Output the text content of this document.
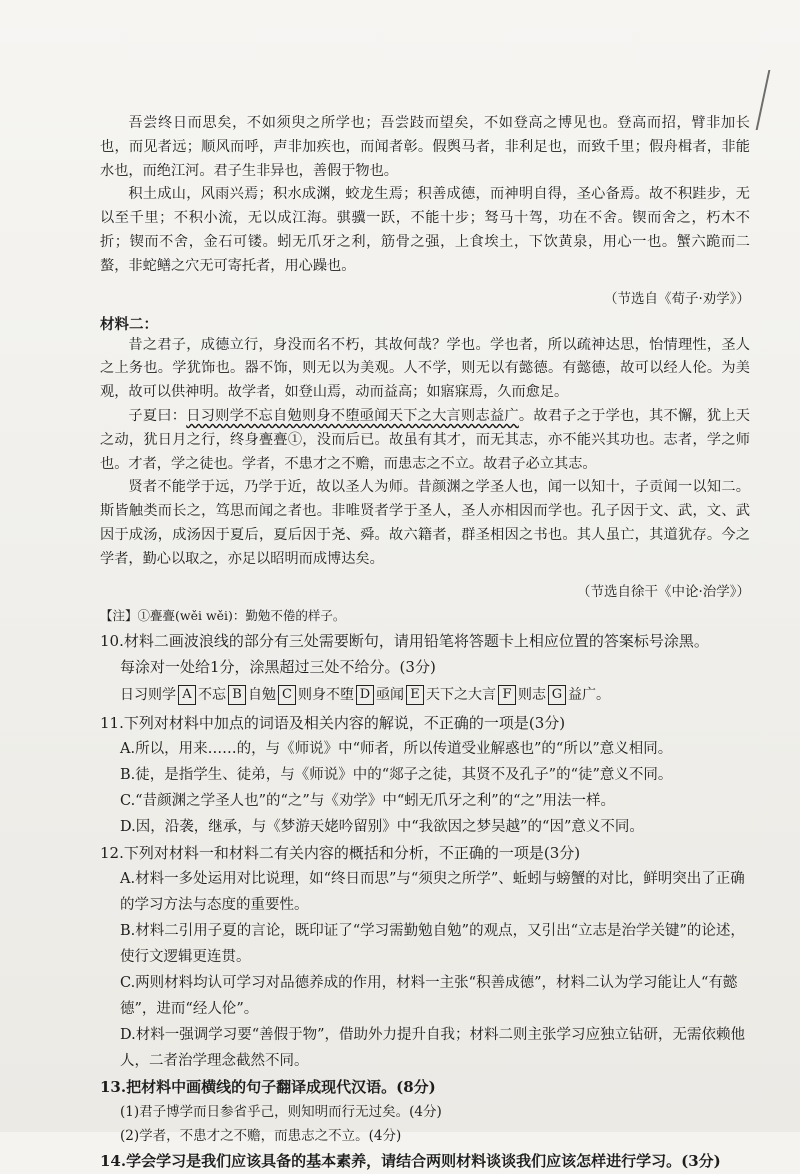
吾尝终日而思矣，不如须臾之所学也；吾尝跂而望矣，不如登高之博见也。登高而招，臂非加长也，而见者远；顺风而呼，声非加疾也，而闻者彰。假舆马者，非利足也，而致千里；假舟楫者，非能水也，而绝江河。君子生非异也，善假于物也。

积土成山，风雨兴焉；积水成渊，蛟龙生焉；积善成德，而神明自得，圣心备焉。故不积跬步，无以至千里；不积小流，无以成江海。骐骥一跃，不能十步；驽马十驾，功在不舍。锲而舍之，朽木不折；锲而不舍，金石可镂。蚓无爪牙之利，筋骨之强，上食埃土，下饮黄泉，用心一也。蟹六跪而二螯，非蛇鳝之穴无可寄托者，用心躁也。

（节选自《荀子·劝学》）

材料二：

昔之君子，成德立行，身没而名不朽，其故何哉？学也。学也者，所以疏神达思，怡情理性，圣人之上务也。学犹饰也。器不饰，则无以为美观。人不学，则无以有懿德。有懿德，故可以经人伦。为美观，故可以供神明。故学者，如登山焉，动而益高；如寤寐焉，久而愈足。

子夏曰：日习则学不忘自勉则身不堕亟闻天下之大言则志益广。故君子之于学也，其不懈，犹上天之动，犹日月之行，终身亹亹①，没而后已。故虽有其才，而无其志，亦不能兴其功也。志者，学之师也。才者，学之徒也。学者，不患才之不赡，而患志之不立。故君子必立其志。

贤者不能学于远，乃学于近，故以圣人为师。昔颜渊之学圣人也，闻一以知十，子贡闻一以知二。斯皆触类而长之，笃思而闻之者也。非唯贤者学于圣人，圣人亦相因而学也。孔子因于文、武，文、武因于成汤，成汤因于夏后，夏后因于尧、舜。故六籍者，群圣相因之书也。其人虽亡，其道犹存。今之学者，勤心以取之，亦足以昭明而成博达矣。

（节选自徐干《中论·治学》）

【注】①亹亹(wěi wěi)：勤勉不倦的样子。

10.材料二画波浪线的部分有三处需要断句，请用铅笔将答题卡上相应位置的答案标号涂黑。

每涂对一处给1分，涂黑超过三处不给分。(3分)

日习则学 A 不忘 B 自勉 C 则身不堕 D 亟闻 E 天下之大言 F 则志 G 益广。

11.下列对材料中加点的词语及相关内容的解说，不正确的一项是(3分)

A.所以，用来……的，与《师说》中“师者，所以传道受业解惑也”的“所以”意义相同。

B.徒，是指学生、徒弟，与《师说》中的“郯子之徒，其贤不及孔子”的“徒”意义不同。

C.“昔颜渊之学圣人也”的“之”与《劝学》中“蚓无爪牙之利”的“之”用法一样。

D.因，沿袭，继承，与《梦游天姥吟留别》中“我欲因之梦吴越”的“因”意义不同。

12.下列对材料一和材料二有关内容的概括和分析，不正确的一项是(3分)

A.材料一多处运用对比说理，如“终日而思”与“须臾之所学”、蚯蚓与螃蟹的对比，鲜明突出了正确的学习方法与态度的重要性。

B.材料二引用子夏的言论，既印证了“学习需勤勉自勉”的观点，又引出“立志是治学关键”的论述，使行文逻辑更连贯。

C.两则材料均认可学习对品德养成的作用，材料一主张“积善成德”，材料二认为学习能让人“有懿德”，进而“经人伦”。

D.材料一强调学习要“善假于物”，借助外力提升自我；材料二则主张学习应独立钻研，无需依赖他人，二者治学理念截然不同。

13.把材料中画横线的句子翻译成现代汉语。(8分)

(1)君子博学而日参省乎己，则知明而行无过矣。(4分)

(2)学者，不患才之不赡，而患志之不立。(4分)

14.学会学习是我们应该具备的基本素养，请结合两则材料谈谈我们应该怎样进行学习。(3分)
